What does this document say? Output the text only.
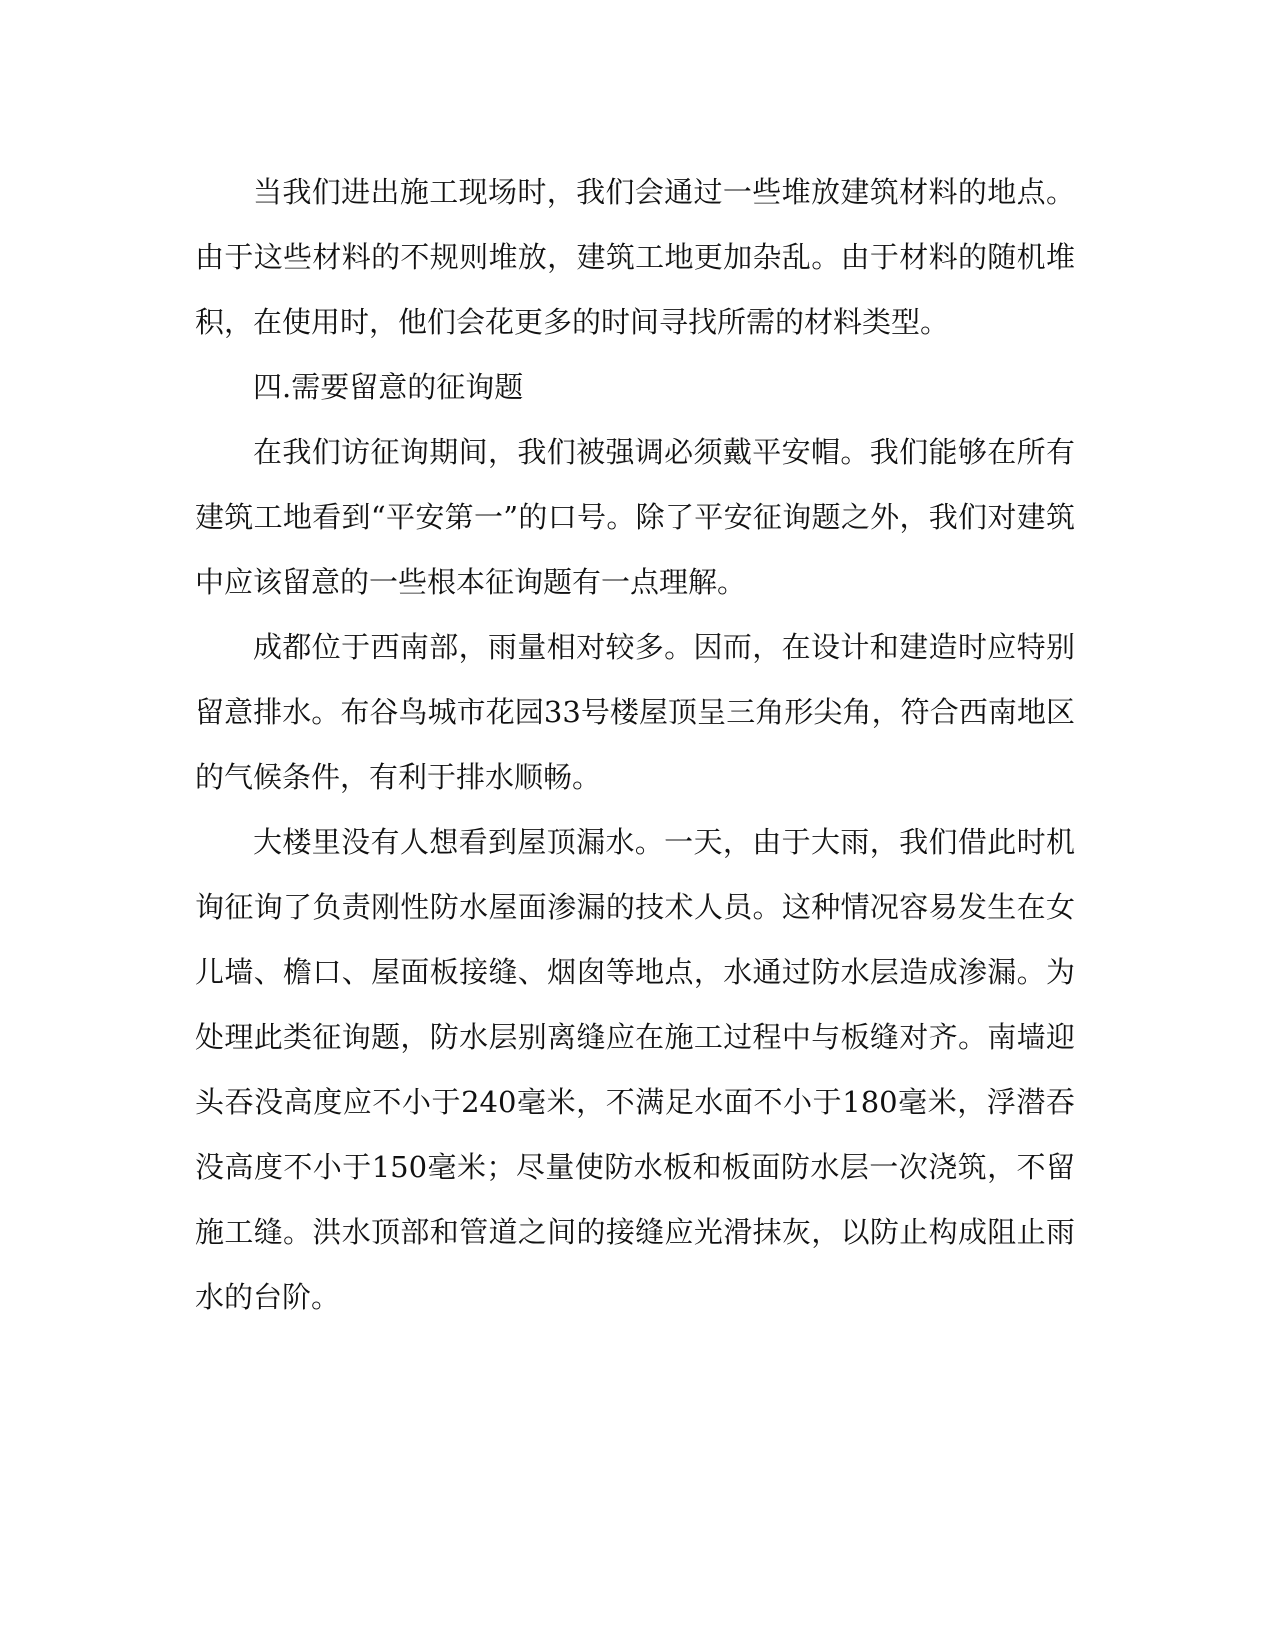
当我们进出施工现场时，我们会通过一些堆放建筑材料的地点。由于这些材料的不规则堆放，建筑工地更加杂乱。由于材料的随机堆积，在使用时，他们会花更多的时间寻找所需的材料类型。

四.需要留意的征询题

在我们访征询期间，我们被强调必须戴平安帽。我们能够在所有建筑工地看到“平安第一”的口号。除了平安征询题之外，我们对建筑中应该留意的一些根本征询题有一点理解。

成都位于西南部，雨量相对较多。因而，在设计和建造时应特别留意排水。布谷鸟城市花园33号楼屋顶呈三角形尖角，符合西南地区的气候条件，有利于排水顺畅。

大楼里没有人想看到屋顶漏水。一天，由于大雨，我们借此时机询征询了负责刚性防水屋面渗漏的技术人员。这种情况容易发生在女儿墙、檐口、屋面板接缝、烟囱等地点，水通过防水层造成渗漏。为处理此类征询题，防水层别离缝应在施工过程中与板缝对齐。南墙迎头吞没高度应不小于240毫米，不满足水面不小于180毫米，浮潜吞没高度不小于150毫米；尽量使防水板和板面防水层一次浇筑，不留施工缝。洪水顶部和管道之间的接缝应光滑抹灰，以防止构成阻止雨水的台阶。
